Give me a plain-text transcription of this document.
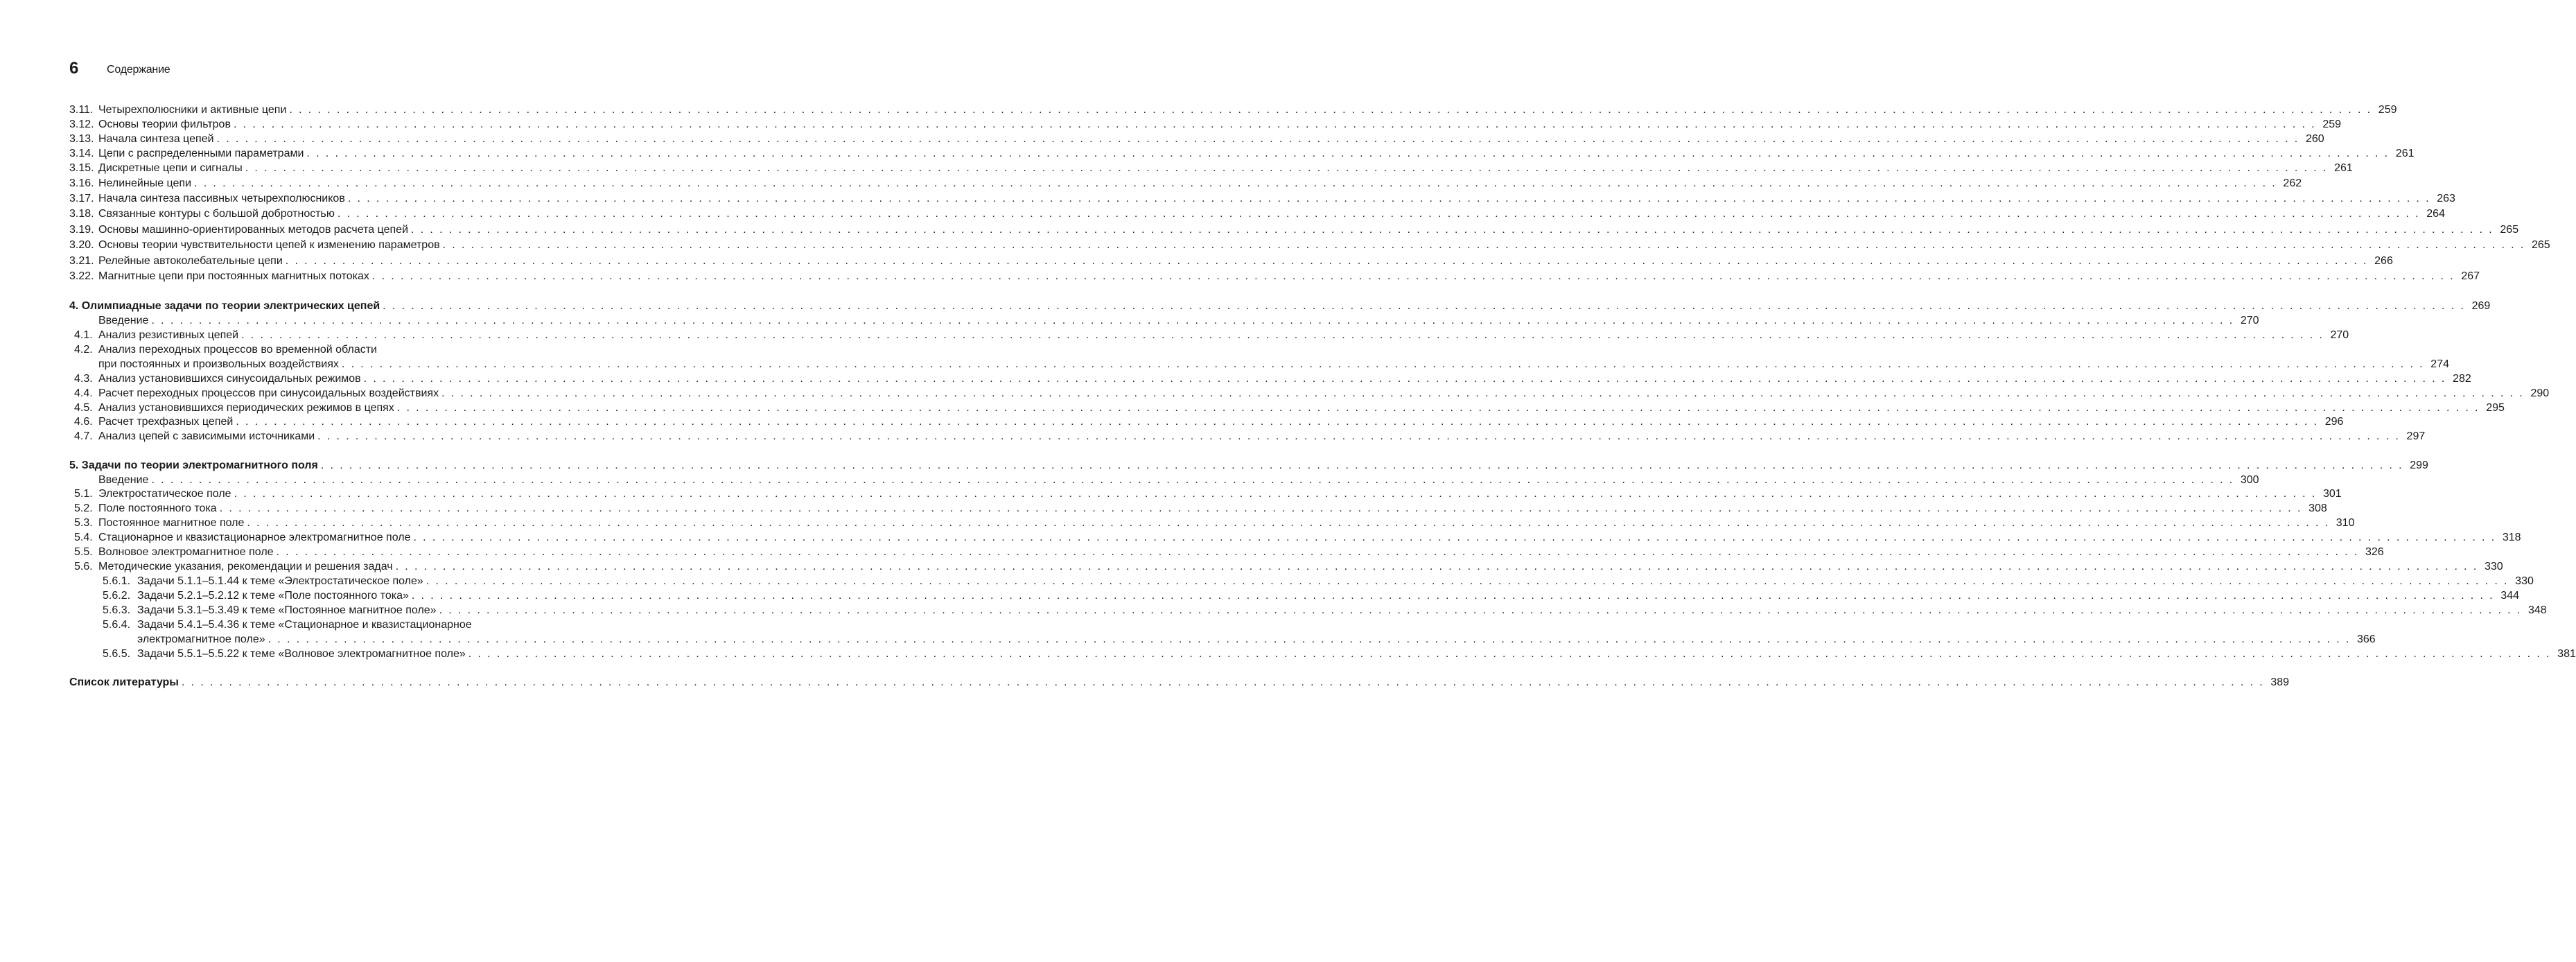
6	Содержание
3.11. Четырехполюсники и активные цепи . . . . . . . . . . . . . . . . . . . . . . . . . . . . . . . . . . . . . . . . . . . . . . . . . . . . . . . . . . . . . . . . . . . . . . . . . . . . . . . . . . . . . . . . . . . . . . . . . . . . . . . . . . . . . . . . . . . . . . . . . . . . . . . . . . . . . . . . . . . . . . . . . . . . . . . . . . . . . . . . . . . . . . . . . . . . . . . . . . . . . . . . . . . . . . . . . . . . . . . . . . . . . . . . . . . . . . . . . . . . 259
3.12. Основы теории фильтров . . . . . . . . . . . . . . . . . . . . . . . . . . . . . . . . . . . . . . . . . . . . . . . . . . . . . . . . . . . . . . . . . . . . . . . . . . . . . . . . . . . . . . . . . . . . . . . . . . . . . . . . . . . . . . . . . . . . . . . . . . . . . . . . . . . . . . . . . . . . . . . . . . . . . . . . . . . . . . . . . . . . . . . . . . . . . . . . . . . . . . . . . . . . . . . . . . . . . . . . . . . . . . . . . . . . . . . . . . . . 259
3.13. Начала синтеза цепей . . . . . . . . . . . . . . . . . . . . . . . . . . . . . . . . . . . . . . . . . . . . . . . . . . . . . . . . . . . . . . . . . . . . . . . . . . . . . . . . . . . . . . . . . . . . . . . . . . . . . . . . . . . . . . . . . . . . . . . . . . . . . . . . . . . . . . . . . . . . . . . . . . . . . . . . . . . . . . . . . . . . . . . . . . . . . . . . . . . . . . . . . . . . . . . . . . . . . . . . . . . . . . . . . . . . . . . . . . . . 260
3.14. Цепи с распределенными параметрами . . . . . . . . . . . . . . . . . . . . . . . . . . . . . . . . . . . . . . . . . . . . . . . . . . . . . . . . . . . . . . . . . . . . . . . . . . . . . . . . . . . . . . . . . . . . . . . . . . . . . . . . . . . . . . . . . . . . . . . . . . . . . . . . . . . . . . . . . . . . . . . . . . . . . . . . . . . . . . . . . . . . . . . . . . . . . . . . . . . . . . . . . . . . . . . . . . . . . . . . . . . . . . . . . . . . . . . . . . . . 261
3.15. Дискретные цепи и сигналы . . . . . . . . . . . . . . . . . . . . . . . . . . . . . . . . . . . . . . . . . . . . . . . . . . . . . . . . . . . . . . . . . . . . . . . . . . . . . . . . . . . . . . . . . . . . . . . . . . . . . . . . . . . . . . . . . . . . . . . . . . . . . . . . . . . . . . . . . . . . . . . . . . . . . . . . . . . . . . . . . . . . . . . . . . . . . . . . . . . . . . . . . . . . . . . . . . . . . . . . . . . . . . . . . . . . . . . . . . . . 261
3.16. Нелинейные цепи . . . . . . . . . . . . . . . . . . . . . . . . . . . . . . . . . . . . . . . . . . . . . . . . . . . . . . . . . . . . . . . . . . . . . . . . . . . . . . . . . . . . . . . . . . . . . . . . . . . . . . . . . . . . . . . . . . . . . . . . . . . . . . . . . . . . . . . . . . . . . . . . . . . . . . . . . . . . . . . . . . . . . . . . . . . . . . . . . . . . . . . . . . . . . . . . . . . . . . . . . . . . . . . . . . . . . . . . . . . . 262
3.17. Начала синтеза пассивных четырехполюсников . . . . . . . . . . . . . . . . . . . . . . . . . . . . . . . . . . . . . . . . . . . . . . . . . . . . . . . . . . . . . . . . . . . . . . . . . . . . . . . . . . . . . . . . . . . . . . . . . . . . . . . . . . . . . . . . . . . . . . . . . . . . . . . . . . . . . . . . . . . . . . . . . . . . . . . . . . . . . . . . . . . . . . . . . . . . . . . . . . . . . . . . . . . . . . . . . . . . . . . . . . . . . . . . . . . . . . . . . . . . 263
3.18. Связанные контуры с большой добротностью . . . . . . . . . . . . . . . . . . . . . . . . . . . . . . . . . . . . . . . . . . . . . . . . . . . . . . . . . . . . . . . . . . . . . . . . . . . . . . . . . . . . . . . . . . . . . . . . . . . . . . . . . . . . . . . . . . . . . . . . . . . . . . . . . . . . . . . . . . . . . . . . . . . . . . . . . . . . . . . . . . . . . . . . . . . . . . . . . . . . . . . . . . . . . . . . . . . . . . . . . . . . . . . . . . . . . . . . . . . . 264
3.19. Основы машинно-ориентированных методов расчета цепей . . . . . . . . . . . . . . . . . . . . . . . . . . . . . . . . . . . . . . . . . . . . . . . . . . . . . . . . . . . . . . . . . . . . . . . . . . . . . . . . . . . . . . . . . . . . . . . . . . . . . . . . . . . . . . . . . . . . . . . . . . . . . . . . . . . . . . . . . . . . . . . . . . . . . . . . . . . . . . . . . . . . . . . . . . . . . . . . . . . . . . . . . . . . . . . . . . . . . . . . . . . . . . . . . . . . . . . . . . . . 265
3.20. Основы теории чувствительности цепей к изменению параметров . . . . . . . . . . . . . . . . . . . . . . . . . . . . . . . . . . . . . . . . . . . . . . . . . . . . . . . . . . . . . . . . . . . . . . . . . . . . . . . . . . . . . . . . . . . . . . . . . . . . . . . . . . . . . . . . . . . . . . . . . . . . . . . . . . . . . . . . . . . . . . . . . . . . . . . . . . . . . . . . . . . . . . . . . . . . . . . . . . . . . . . . . . . . . . . . . . . . . . . . . . . . . . . . . . . . . . . . . . . . 265
3.21. Релейные автоколебательные цепи . . . . . . . . . . . . . . . . . . . . . . . . . . . . . . . . . . . . . . . . . . . . . . . . . . . . . . . . . . . . . . . . . . . . . . . . . . . . . . . . . . . . . . . . . . . . . . . . . . . . . . . . . . . . . . . . . . . . . . . . . . . . . . . . . . . . . . . . . . . . . . . . . . . . . . . . . . . . . . . . . . . . . . . . . . . . . . . . . . . . . . . . . . . . . . . . . . . . . . . . . . . . . . . . . . . . . . . . . . . . 266
3.22. Магнитные цепи при постоянных магнитных потоках . . . . . . . . . . . . . . . . . . . . . . . . . . . . . . . . . . . . . . . . . . . . . . . . . . . . . . . . . . . . . . . . . . . . . . . . . . . . . . . . . . . . . . . . . . . . . . . . . . . . . . . . . . . . . . . . . . . . . . . . . . . . . . . . . . . . . . . . . . . . . . . . . . . . . . . . . . . . . . . . . . . . . . . . . . . . . . . . . . . . . . . . . . . . . . . . . . . . . . . . . . . . . . . . . . . . . . . . . . . . 267
4. Олимпиадные задачи по теории электрических цепей . . . . . . . . . . . . . . . . . . . . . . . . . . . . . . . . . . . . . . . . . . . . . . . . . . . . . . . . . . . . . . . . . . . . . . . . . . . . . . . . . . . . . . . . . . . . . . . . . . . . . . . . . . . . . . . . . . . . . . . . . . . . . . . . . . . . . . . . . . . . . . . . . . . . . . . . . . . . . . . . . . . . . . . . . . . . . . . . . . . . . . . . . . . . . . . . . . . . . . . . . . . . . . . . . . . . . . . . . . . . 269
Введение . . . . . . . . . . . . . . . . . . . . . . . . . . . . . . . . . . . . . . . . . . . . . . . . . . . . . . . . . . . . . . . . . . . . . . . . . . . . . . . . . . . . . . . . . . . . . . . . . . . . . . . . . . . . . . . . . . . . . . . . . . . . . . . . . . . . . . . . . . . . . . . . . . . . . . . . . . . . . . . . . . . . . . . . . . . . . . . . . . . . . . . . . . . . . . . . . . . . . . . . . . . . . . . . . . . . . . . . . . . . 270
4.1. Анализ резистивных цепей . . . . . . . . . . . . . . . . . . . . . . . . . . . . . . . . . . . . . . . . . . . . . . . . . . . . . . . . . . . . . . . . . . . . . . . . . . . . . . . . . . . . . . . . . . . . . . . . . . . . . . . . . . . . . . . . . . . . . . . . . . . . . . . . . . . . . . . . . . . . . . . . . . . . . . . . . . . . . . . . . . . . . . . . . . . . . . . . . . . . . . . . . . . . . . . . . . . . . . . . . . . . . . . . . . . . . . . . . . . . 270
4.2. Анализ переходных процессов во временной области
при постоянных и произвольных воздействиях . . . . . . . . . . . . . . . . . . . . . . . . . . . . . . . . . . . . . . . . . . . . . . . . . . . . . . . . . . . . . . . . . . . . . . . . . . . . . . . . . . . . . . . . . . . . . . . . . . . . . . . . . . . . . . . . . . . . . . . . . . . . . . . . . . . . . . . . . . . . . . . . . . . . . . . . . . . . . . . . . . . . . . . . . . . . . . . . . . . . . . . . . . . . . . . . . . . . . . . . . . . . . . . . . . . . . . . . . . . . 274
4.3. Анализ установившихся синусоидальных режимов . . . . . . . . . . . . . . . . . . . . . . . . . . . . . . . . . . . . . . . . . . . . . . . . . . . . . . . . . . . . . . . . . . . . . . . . . . . . . . . . . . . . . . . . . . . . . . . . . . . . . . . . . . . . . . . . . . . . . . . . . . . . . . . . . . . . . . . . . . . . . . . . . . . . . . . . . . . . . . . . . . . . . . . . . . . . . . . . . . . . . . . . . . . . . . . . . . . . . . . . . . . . . . . . . . . . . . . . . . . . 282
4.4. Расчет переходных процессов при синусоидальных воздействиях . . . . . . . . . . . . . . . . . . . . . . . . . . . . . . . . . . . . . . . . . . . . . . . . . . . . . . . . . . . . . . . . . . . . . . . . . . . . . . . . . . . . . . . . . . . . . . . . . . . . . . . . . . . . . . . . . . . . . . . . . . . . . . . . . . . . . . . . . . . . . . . . . . . . . . . . . . . . . . . . . . . . . . . . . . . . . . . . . . . . . . . . . . . . . . . . . . . . . . . . . . . . . . . . . . . . . . . . . . . . 290
4.5. Анализ установившихся периодических режимов в цепях . . . . . . . . . . . . . . . . . . . . . . . . . . . . . . . . . . . . . . . . . . . . . . . . . . . . . . . . . . . . . . . . . . . . . . . . . . . . . . . . . . . . . . . . . . . . . . . . . . . . . . . . . . . . . . . . . . . . . . . . . . . . . . . . . . . . . . . . . . . . . . . . . . . . . . . . . . . . . . . . . . . . . . . . . . . . . . . . . . . . . . . . . . . . . . . . . . . . . . . . . . . . . . . . . . . . . . . . . . . . 295
4.6. Расчет трехфазных цепей . . . . . . . . . . . . . . . . . . . . . . . . . . . . . . . . . . . . . . . . . . . . . . . . . . . . . . . . . . . . . . . . . . . . . . . . . . . . . . . . . . . . . . . . . . . . . . . . . . . . . . . . . . . . . . . . . . . . . . . . . . . . . . . . . . . . . . . . . . . . . . . . . . . . . . . . . . . . . . . . . . . . . . . . . . . . . . . . . . . . . . . . . . . . . . . . . . . . . . . . . . . . . . . . . . . . . . . . . . . . 296
4.7. Анализ цепей с зависимыми источниками . . . . . . . . . . . . . . . . . . . . . . . . . . . . . . . . . . . . . . . . . . . . . . . . . . . . . . . . . . . . . . . . . . . . . . . . . . . . . . . . . . . . . . . . . . . . . . . . . . . . . . . . . . . . . . . . . . . . . . . . . . . . . . . . . . . . . . . . . . . . . . . . . . . . . . . . . . . . . . . . . . . . . . . . . . . . . . . . . . . . . . . . . . . . . . . . . . . . . . . . . . . . . . . . . . . . . . . . . . . . 297
5. Задачи по теории электромагнитного поля . . . . . . . . . . . . . . . . . . . . . . . . . . . . . . . . . . . . . . . . . . . . . . . . . . . . . . . . . . . . . . . . . . . . . . . . . . . . . . . . . . . . . . . . . . . . . . . . . . . . . . . . . . . . . . . . . . . . . . . . . . . . . . . . . . . . . . . . . . . . . . . . . . . . . . . . . . . . . . . . . . . . . . . . . . . . . . . . . . . . . . . . . . . . . . . . . . . . . . . . . . . . . . . . . . . . . . . . . . . . 299
Введение . . . . . . . . . . . . . . . . . . . . . . . . . . . . . . . . . . . . . . . . . . . . . . . . . . . . . . . . . . . . . . . . . . . . . . . . . . . . . . . . . . . . . . . . . . . . . . . . . . . . . . . . . . . . . . . . . . . . . . . . . . . . . . . . . . . . . . . . . . . . . . . . . . . . . . . . . . . . . . . . . . . . . . . . . . . . . . . . . . . . . . . . . . . . . . . . . . . . . . . . . . . . . . . . . . . . . . . . . . . . 300
5.1. Электростатическое поле . . . . . . . . . . . . . . . . . . . . . . . . . . . . . . . . . . . . . . . . . . . . . . . . . . . . . . . . . . . . . . . . . . . . . . . . . . . . . . . . . . . . . . . . . . . . . . . . . . . . . . . . . . . . . . . . . . . . . . . . . . . . . . . . . . . . . . . . . . . . . . . . . . . . . . . . . . . . . . . . . . . . . . . . . . . . . . . . . . . . . . . . . . . . . . . . . . . . . . . . . . . . . . . . . . . . . . . . . . . . 301
5.2. Поле постоянного тока . . . . . . . . . . . . . . . . . . . . . . . . . . . . . . . . . . . . . . . . . . . . . . . . . . . . . . . . . . . . . . . . . . . . . . . . . . . . . . . . . . . . . . . . . . . . . . . . . . . . . . . . . . . . . . . . . . . . . . . . . . . . . . . . . . . . . . . . . . . . . . . . . . . . . . . . . . . . . . . . . . . . . . . . . . . . . . . . . . . . . . . . . . . . . . . . . . . . . . . . . . . . . . . . . . . . . . . . . . . . 308
5.3. Постоянное магнитное поле . . . . . . . . . . . . . . . . . . . . . . . . . . . . . . . . . . . . . . . . . . . . . . . . . . . . . . . . . . . . . . . . . . . . . . . . . . . . . . . . . . . . . . . . . . . . . . . . . . . . . . . . . . . . . . . . . . . . . . . . . . . . . . . . . . . . . . . . . . . . . . . . . . . . . . . . . . . . . . . . . . . . . . . . . . . . . . . . . . . . . . . . . . . . . . . . . . . . . . . . . . . . . . . . . . . . . . . . . . . . 310
5.4. Стационарное и квазистационарное электромагнитное поле . . . . . . . . . . . . . . . . . . . . . . . . . . . . . . . . . . . . . . . . . . . . . . . . . . . . . . . . . . . . . . . . . . . . . . . . . . . . . . . . . . . . . . . . . . . . . . . . . . . . . . . . . . . . . . . . . . . . . . . . . . . . . . . . . . . . . . . . . . . . . . . . . . . . . . . . . . . . . . . . . . . . . . . . . . . . . . . . . . . . . . . . . . . . . . . . . . . . . . . . . . . . . . . . . . . . . . . . . . . . 318
5.5. Волновое электромагнитное поле . . . . . . . . . . . . . . . . . . . . . . . . . . . . . . . . . . . . . . . . . . . . . . . . . . . . . . . . . . . . . . . . . . . . . . . . . . . . . . . . . . . . . . . . . . . . . . . . . . . . . . . . . . . . . . . . . . . . . . . . . . . . . . . . . . . . . . . . . . . . . . . . . . . . . . . . . . . . . . . . . . . . . . . . . . . . . . . . . . . . . . . . . . . . . . . . . . . . . . . . . . . . . . . . . . . . . . . . . . . . 326
5.6. Методические указания, рекомендации и решения задач . . . . . . . . . . . . . . . . . . . . . . . . . . . . . . . . . . . . . . . . . . . . . . . . . . . . . . . . . . . . . . . . . . . . . . . . . . . . . . . . . . . . . . . . . . . . . . . . . . . . . . . . . . . . . . . . . . . . . . . . . . . . . . . . . . . . . . . . . . . . . . . . . . . . . . . . . . . . . . . . . . . . . . . . . . . . . . . . . . . . . . . . . . . . . . . . . . . . . . . . . . . . . . . . . . . . . . . . . . . . 330
5.6.1. Задачи 5.1.1–5.1.44 к теме «Электростатическое поле» . . . . . . . . . . . . . . . . . . . . . . . . . . . . . . . . . . . . . . . . . . . . . . . . . . . . . . . . . . . . . . . . . . . . . . . . . . . . . . . . . . . . . . . . . . . . . . . . . . . . . . . . . . . . . . . . . . . . . . . . . . . . . . . . . . . . . . . . . . . . . . . . . . . . . . . . . . . . . . . . . . . . . . . . . . . . . . . . . . . . . . . . . . . . . . . . . . . . . . . . . . . . . . . . . . . . . . . . . . . . 330
5.6.2. Задачи 5.2.1–5.2.12 к теме «Поле постоянного тока» . . . . . . . . . . . . . . . . . . . . . . . . . . . . . . . . . . . . . . . . . . . . . . . . . . . . . . . . . . . . . . . . . . . . . . . . . . . . . . . . . . . . . . . . . . . . . . . . . . . . . . . . . . . . . . . . . . . . . . . . . . . . . . . . . . . . . . . . . . . . . . . . . . . . . . . . . . . . . . . . . . . . . . . . . . . . . . . . . . . . . . . . . . . . . . . . . . . . . . . . . . . . . . . . . . . . . . . . . . . . 344
5.6.3. Задачи 5.3.1–5.3.49 к теме «Постоянное магнитное поле» . . . . . . . . . . . . . . . . . . . . . . . . . . . . . . . . . . . . . . . . . . . . . . . . . . . . . . . . . . . . . . . . . . . . . . . . . . . . . . . . . . . . . . . . . . . . . . . . . . . . . . . . . . . . . . . . . . . . . . . . . . . . . . . . . . . . . . . . . . . . . . . . . . . . . . . . . . . . . . . . . . . . . . . . . . . . . . . . . . . . . . . . . . . . . . . . . . . . . . . . . . . . . . . . . . . . . . . . . . . . 348
5.6.4. Задачи 5.4.1–5.4.36 к теме «Стационарное и квазистационарное
электромагнитное поле» . . . . . . . . . . . . . . . . . . . . . . . . . . . . . . . . . . . . . . . . . . . . . . . . . . . . . . . . . . . . . . . . . . . . . . . . . . . . . . . . . . . . . . . . . . . . . . . . . . . . . . . . . . . . . . . . . . . . . . . . . . . . . . . . . . . . . . . . . . . . . . . . . . . . . . . . . . . . . . . . . . . . . . . . . . . . . . . . . . . . . . . . . . . . . . . . . . . . . . . . . . . . . . . . . . . . . . . . . . . . 366
5.6.5. Задачи 5.5.1–5.5.22 к теме «Волновое электромагнитное поле» . . . . . . . . . . . . . . . . . . . . . . . . . . . . . . . . . . . . . . . . . . . . . . . . . . . . . . . . . . . . . . . . . . . . . . . . . . . . . . . . . . . . . . . . . . . . . . . . . . . . . . . . . . . . . . . . . . . . . . . . . . . . . . . . . . . . . . . . . . . . . . . . . . . . . . . . . . . . . . . . . . . . . . . . . . . . . . . . . . . . . . . . . . . . . . . . . . . . . . . . . . . . . . . . . . . . . . . . . . . . 381
Список литературы . . . . . . . . . . . . . . . . . . . . . . . . . . . . . . . . . . . . . . . . . . . . . . . . . . . . . . . . . . . . . . . . . . . . . . . . . . . . . . . . . . . . . . . . . . . . . . . . . . . . . . . . . . . . . . . . . . . . . . . . . . . . . . . . . . . . . . . . . . . . . . . . . . . . . . . . . . . . . . . . . . . . . . . . . . . . . . . . . . . . . . . . . . . . . . . . . . . . . . . . . . . . . . . . . . . . . . . . . . . . 389
